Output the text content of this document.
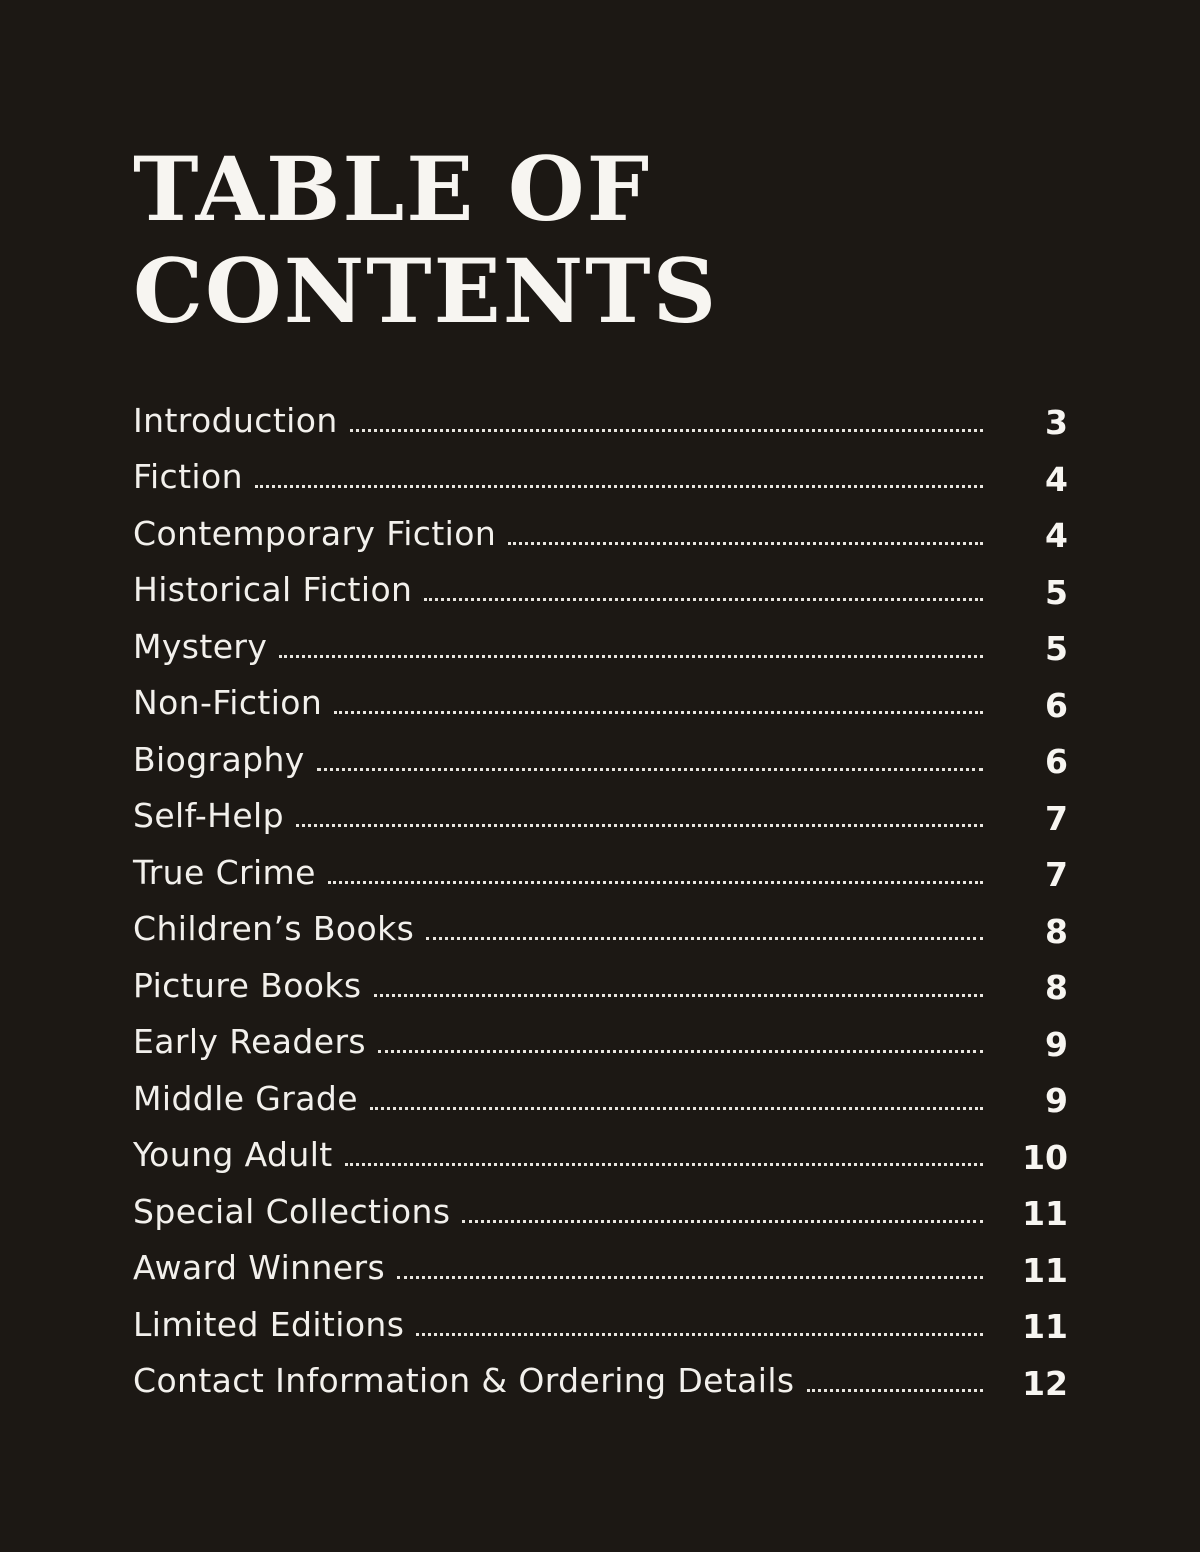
TABLE OF
CONTENTS
Introduction	3
Fiction	4
Contemporary Fiction	4
Historical Fiction	5
Mystery	5
Non-Fiction	6
Biography	6
Self-Help	7
True Crime	7
Children’s Books	8
Picture Books	8
Early Readers	9
Middle Grade	9
Young Adult	10
Special Collections	11
Award Winners	11
Limited Editions	11
Contact Information & Ordering Details	12
